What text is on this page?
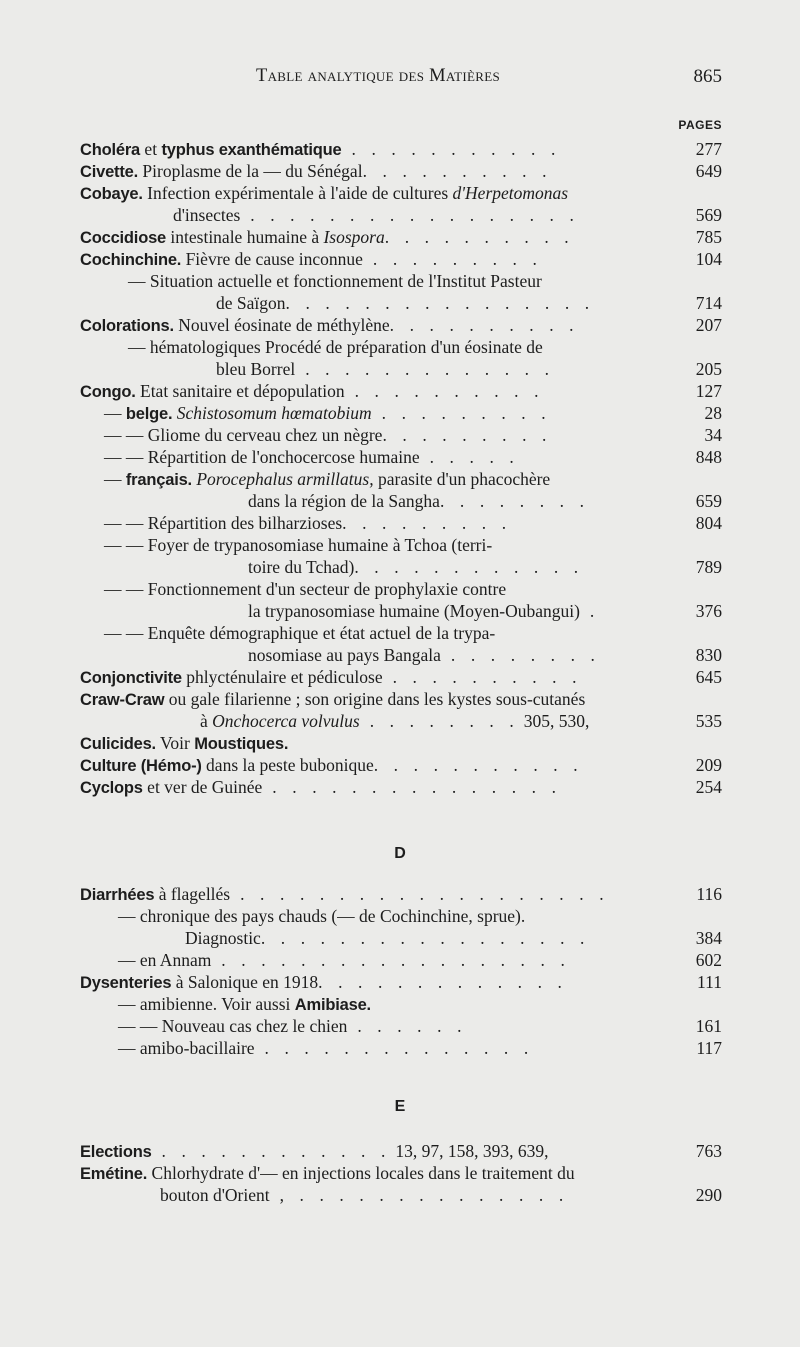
Table analytique des Matières	865
PAGES
Choléra et typhus exanthématique . . . . . . . . . . .	277
Civette. Piroplasme de la — du Sénégal. . . . . . . . . .	649
Cobaye. Infection expérimentale à l'aide de cultures d'Herpetomonas
d'insectes . . . . . . . . . . . . . . . . .	569
Coccidiose intestinale humaine à Isospora. . . . . . . . . .	785
Cochinchine. Fièvre de cause inconnue . . . . . . . . .	104
— Situation actuelle et fonctionnement de l'Institut Pasteur
de Saïgon. . . . . . . . . . . . . . . .	714
Colorations. Nouvel éosinate de méthylène. . . . . . . . . .	207
— hématologiques Procédé de préparation d'un éosinate de
bleu Borrel . . . . . . . . . . . . .	205
Congo. Etat sanitaire et dépopulation . . . . . . . . . .	127
— belge. Schistosomum hœmatobium . . . . . . . . .	28
— — Gliome du cerveau chez un nègre. . . . . . . . .	34
— — Répartition de l'onchocercose humaine . . . . .	848
— français. Porocephalus armillatus, parasite d'un phacochère
dans la région de la Sangha. . . . . . . .	659
— — Répartition des bilharzioses. . . . . . . . .	804
— — Foyer de trypanosomiase humaine à Tchoa (terri-
toire du Tchad). . . . . . . . . . . .	789
— — Fonctionnement d'un secteur de prophylaxie contre
la trypanosomiase humaine (Moyen-Oubangui) .	376
— — Enquête démographique et état actuel de la trypa-
nosomiase au pays Bangala . . . . . . . .	830
Conjonctivite phlycténulaire et pédiculose . . . . . . . . . .	645
Craw-Craw ou gale filarienne ; son origine dans les kystes sous-cutanés
à Onchocerca volvulus . . . . . . . . 305, 530,	535
Culicides. Voir Moustiques.
Culture (Hémo-) dans la peste bubonique. . . . . . . . . . .	209
Cyclops et ver de Guinée . . . . . . . . . . . . . . .	254
D
Diarrhées à flagellés . . . . . . . . . . . . . . . . . . .	116
— chronique des pays chauds (— de Cochinchine, sprue).
Diagnostic. . . . . . . . . . . . . . . . .	384
— en Annam . . . . . . . . . . . . . . . . . .	602
Dysenteries à Salonique en 1918. . . . . . . . . . . . .	111
— amibienne. Voir aussi Amibiase.
— — Nouveau cas chez le chien . . . . . .	161
— amibo-bacillaire . . . . . . . . . . . . . .	117
E
Elections . . . . . . . . . . . . 13, 97, 158, 393, 639,	763
Emétine. Chlorhydrate d'— en injections locales dans le traitement du
bouton d'Orient , . . . . . . . . . . . . . .	290
